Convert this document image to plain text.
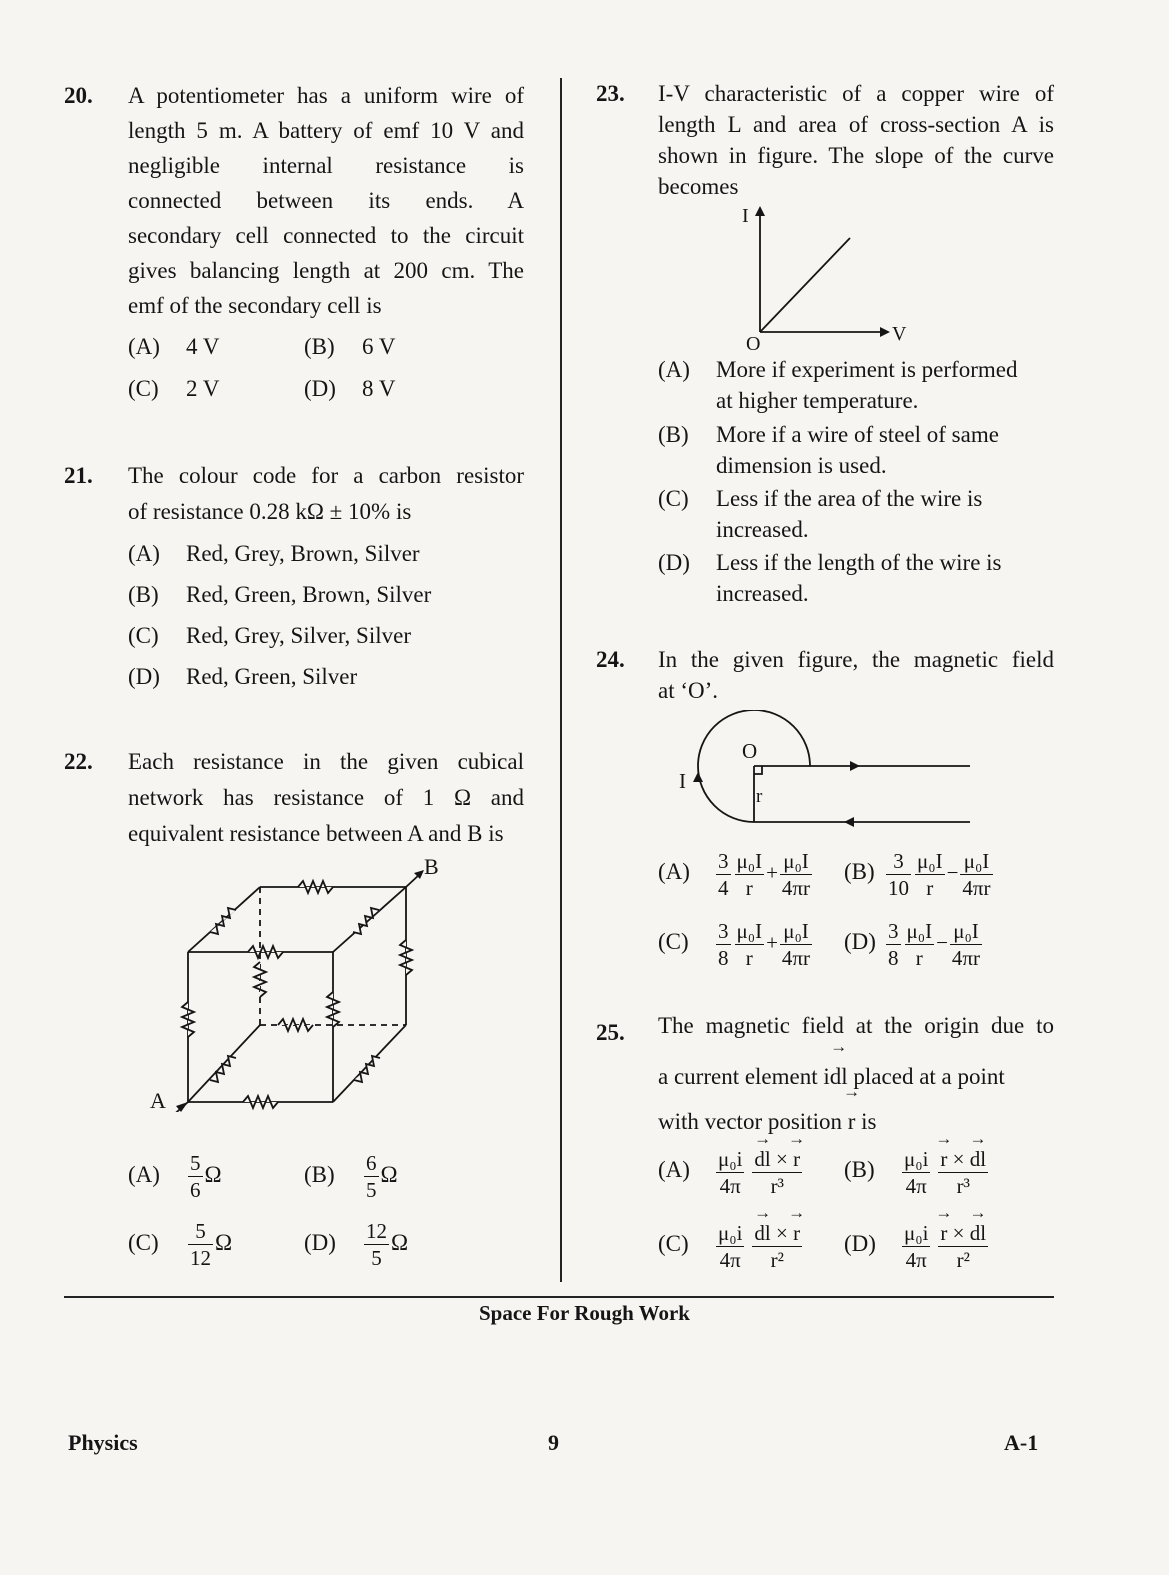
20. A potentiometer has a uniform wire of
length 5 m. A battery of emf 10 V and
negligible internal resistance is
connected between its ends. A
secondary cell connected to the circuit
gives balancing length at 200 cm. The
emf of the secondary cell is
(A) 4 V	(B) 6 V
(C) 2 V	(D) 8 V
21. The colour code for a carbon resistor
of resistance 0.28 kΩ ± 10% is
(A) Red, Grey, Brown, Silver
(B) Red, Green, Brown, Silver
(C) Red, Grey, Silver, Silver
(D) Red, Green, Silver
22. Each resistance in the given cubical
network has resistance of 1 Ω and
equivalent resistance between A and B is
B
A
$(A) \frac{5}{6}$ Ω	$(B) \frac{6}{5}$ Ω
$(C) \frac{5}{12}$ Ω	$(D) \frac{12}{5}$ Ω
23. I-V characteristic of a copper wire of
length L and area of cross-section A is
shown in figure. The slope of the curve
becomes
I
V
O
(A) More if experiment is performed
at higher temperature.
(B) More if a wire of steel of same
dimension is used.
(C) Less if the area of the wire is
increased.
(D) Less if the length of the wire is
increased.
24. In the given figure, the magnetic field
at ‘O’.
O
I
r
$(A) \frac{3}{4} \frac{\text{μ₀I}}{r} + \frac{\text{μ₀I}}{4\pi r} (B) \frac{3}{10} \frac{\text{μ₀I}}{r} - \frac{\text{μ₀I}}{4\pi r}$
$(C) \frac{3}{8} \frac{\text{μ₀I}}{r} + \frac{\text{μ₀I}}{4\pi r} (D) \frac{3}{8} \frac{\text{μ₀I}}{r} - \frac{\text{μ₀I}}{4\pi r}$
25. The magnetic field at the origin due to
a current element i→ dl placed at a point
with vector position → r is
$(A) \frac{\text{μ₀i}}{4\pi}$
→ $\frac{dl \times \to r}{\text{r³}} (B) \frac{\text{μ₀i}}{4\pi}$
→ $\frac{r \times \to dl}{\text{r³}}$
$(C) \frac{\text{μ₀i}}{4\pi}$
→ $\frac{dl \times \to r}{\text{r²}} (D) \frac{\text{μ₀i}}{4\pi}$
→ $\frac{r \times \to dl}{\text{r²}}$
Space For Rough Work
Physics	9	A-1
